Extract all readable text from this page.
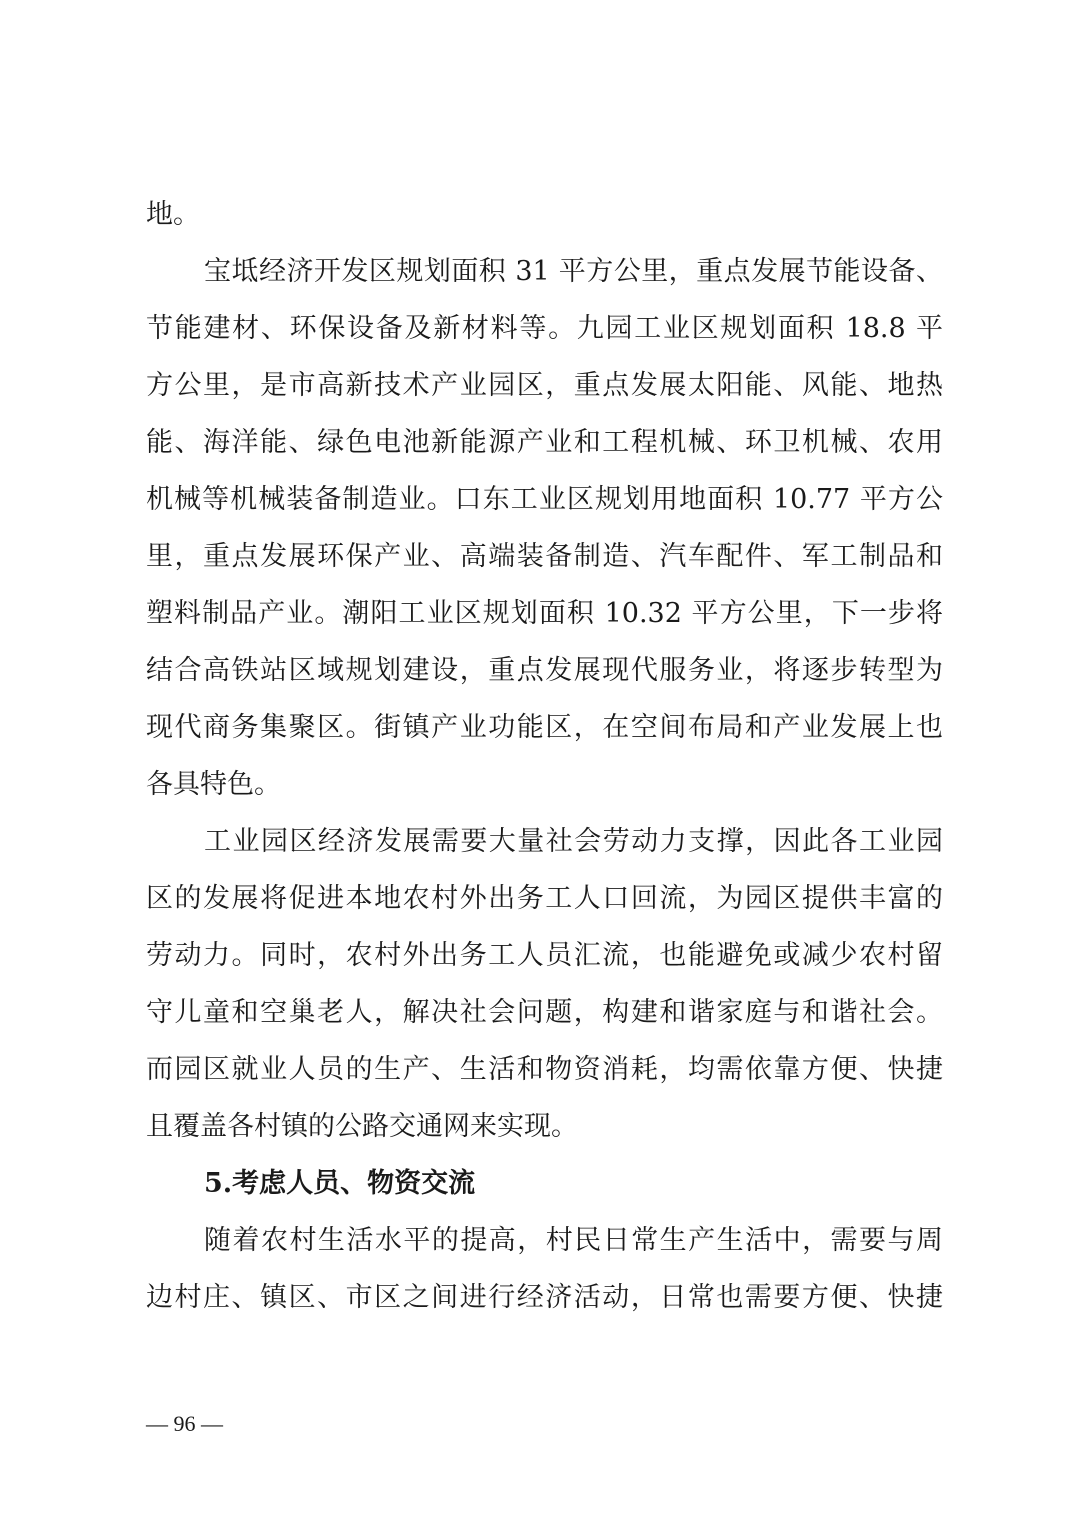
地。
宝坻经济开发区规划面积 31 平方公里，重点发展节能设备、
节能建材、环保设备及新材料等。九园工业区规划面积 18.8 平
方公里，是市高新技术产业园区，重点发展太阳能、风能、地热
能、海洋能、绿色电池新能源产业和工程机械、环卫机械、农用
机械等机械装备制造业。口东工业区规划用地面积 10.77 平方公
里，重点发展环保产业、高端装备制造、汽车配件、军工制品和
塑料制品产业。潮阳工业区规划面积 10.32 平方公里，下一步将
结合高铁站区域规划建设，重点发展现代服务业，将逐步转型为
现代商务集聚区。街镇产业功能区，在空间布局和产业发展上也
各具特色。
工业园区经济发展需要大量社会劳动力支撑，因此各工业园
区的发展将促进本地农村外出务工人口回流，为园区提供丰富的
劳动力。同时，农村外出务工人员汇流，也能避免或减少农村留
守儿童和空巢老人，解决社会问题，构建和谐家庭与和谐社会。
而园区就业人员的生产、生活和物资消耗，均需依靠方便、快捷
且覆盖各村镇的公路交通网来实现。
5.考虑人员、物资交流
随着农村生活水平的提高，村民日常生产生活中，需要与周
边村庄、镇区、市区之间进行经济活动，日常也需要方便、快捷
— 96 —
